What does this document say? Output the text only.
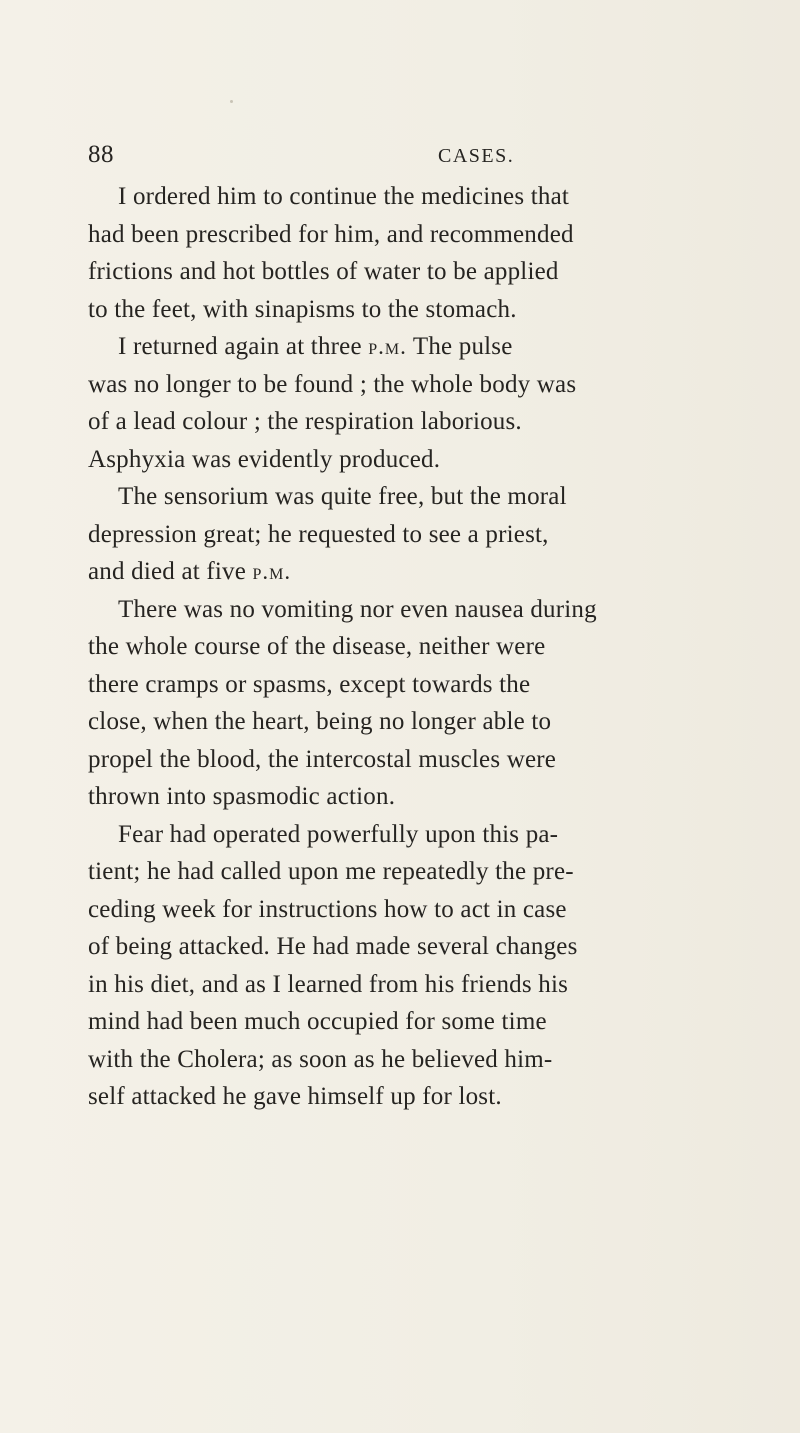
88	CASES.
I ordered him to continue the medicines that
had been prescribed for him, and recommended
frictions and hot bottles of water to be applied
to the feet, with sinapisms to the stomach.
I returned again at three p.m. The pulse
was no longer to be found ; the whole body was
of a lead colour ; the respiration laborious.
Asphyxia was evidently produced.
The sensorium was quite free, but the moral
depression great; he requested to see a priest,
and died at five p.m.
There was no vomiting nor even nausea during
the whole course of the disease, neither were
there cramps or spasms, except towards the
close, when the heart, being no longer able to
propel the blood, the intercostal muscles were
thrown into spasmodic action.
Fear had operated powerfully upon this pa-
tient; he had called upon me repeatedly the pre-
ceding week for instructions how to act in case
of being attacked. He had made several changes
in his diet, and as I learned from his friends his
mind had been much occupied for some time
with the Cholera; as soon as he believed him-
self attacked he gave himself up for lost.
